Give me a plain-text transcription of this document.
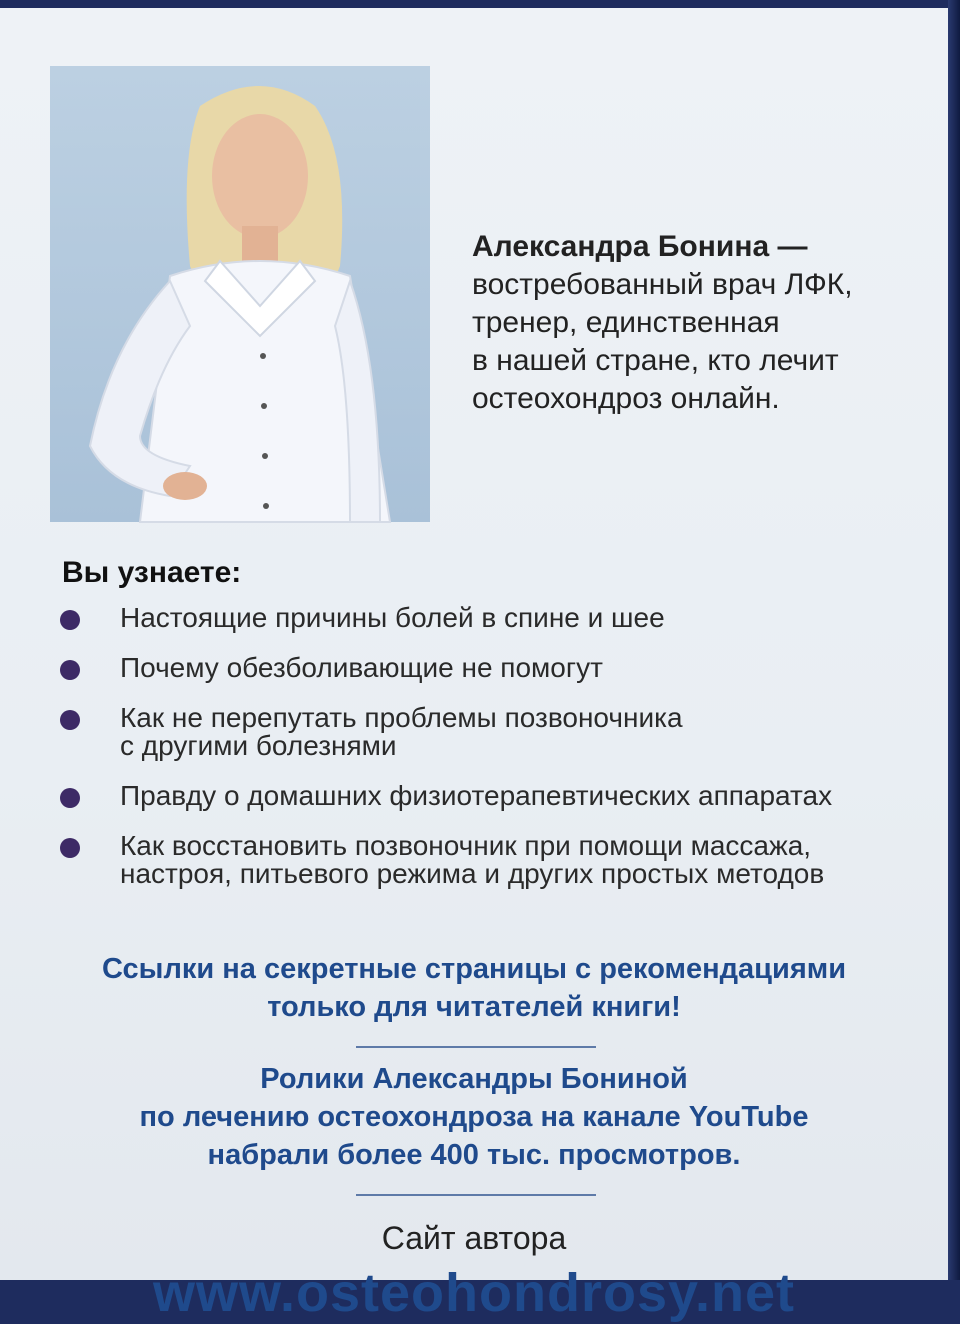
Александра Бонина —
востребованный врач ЛФК,
тренер, единственная
в нашей стране, кто лечит
остеохондроз онлайн.
Вы узнаете:
Настоящие причины болей в спине и шее
Почему обезболивающие не помогут
Как не перепутать проблемы позвоночника
с другими болезнями
Правду о домашних физиотерапевтических аппаратах
Как восстановить позвоночник при помощи массажа,
настроя, питьевого режима и других простых методов
Ссылки на секретные страницы с рекомендациями
только для читателей книги!
Ролики Александры Бониной
по лечению остеохондроза на канале YouTube
набрали более 400 тыс. просмотров.
Сайт автора
www.osteohondrosy.net
